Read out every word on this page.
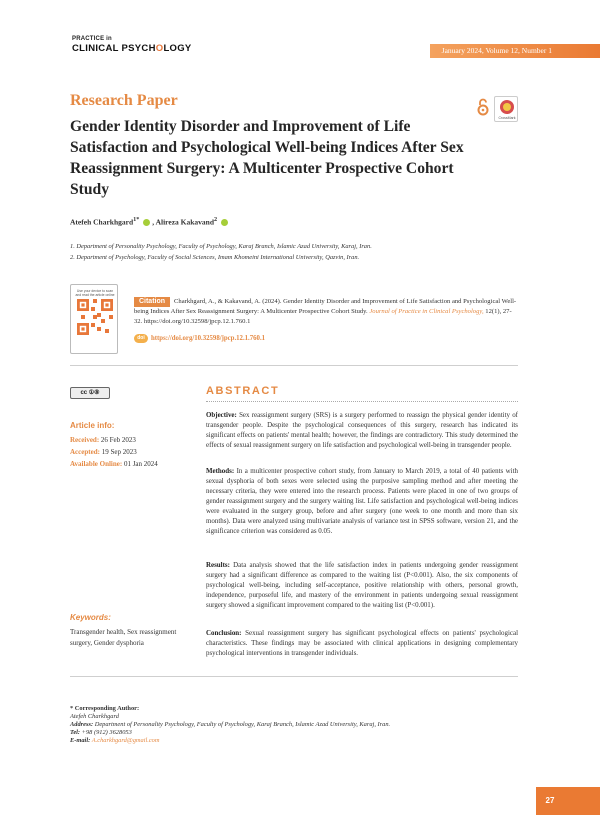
PRACTICE in
CLINICAL PSYCHOLOGY	January 2024, Volume 12, Number 1
Research Paper
Gender Identity Disorder and Improvement of Life Satisfaction and Psychological Well-being Indices After Sex Reassignment Surgery: A Multicenter Prospective Cohort Study
CrossMark
Atefeh Charkhgard$^{1*}$ , Alireza Kakavand$^2$
1. Department of Personality Psychology, Faculty of Psychology, Karaj Branch, Islamic Azad University, Karaj, Iran.
2. Department of Psychology, Faculty of Social Sciences, Imam Khomeini International University, Qazvin, Iran.
Use your device to scan and read the article online
Charkhgard, A., & Kakavand, A. (2024). Gender Identity Disorder and Improvement of Life Satisfaction and Psychological Well-being Indices After Sex Reassignment Surgery: A Multicenter Prospective Cohort Study. Journal of Practice in Clinical Psychology, 12(1), 27-32. https://doi.org/10.32598/jpcp.12.1.760.1
Citation
doi https://doi.org/10.32598/jpcp.12.1.760.1
cc ①⑧	ABSTRACT
Article info:
Received: 26 Feb 2023
Accepted: 19 Sep 2023
Available Online: 01 Jan 2024
Objective: Sex reassignment surgery (SRS) is a surgery performed to reassign the physical gender identity of transgender people. Despite the psychological consequences of this surgery, research has indicated its significant effects on patients' mental health; however, the findings are contradictory. This study determined the effects of sexual reassignment surgery on life satisfaction and psychological well-being in transgender people.
Methods: In a multicenter prospective cohort study, from January to March 2019, a total of 40 patients with sexual dysphoria of both sexes were selected using the purposive sampling method and after meeting the necessary criteria, they were entered into the research process. Patients were placed in one of two groups of gender reassignment surgery and the surgery waiting list. Life satisfaction and psychological well-being indices were evaluated in the surgery group, before and after surgery (one week to one month and more than six months). Data were analyzed using multivariate analysis of variance test in SPSS software, version 21, and the significance criterion was considered as 0.05.
Results: Data analysis showed that the life satisfaction index in patients undergoing gender reassignment surgery had a significant difference as compared to the waiting list (P<0.001). Also, the six components of psychological well-being, including self-acceptance, positive relationship with others, personal growth, independence, purposeful life, and mastery of the environment in patients undergoing sexual reassignment surgery showed a significant improvement compared to the waiting list (P<0.001).
Conclusion: Sexual reassignment surgery has significant psychological effects on patients' psychological characteristics. These findings may be associated with clinical applications in designing complementary psychological interventions in transgender individuals.
Keywords:
Transgender health, Sex reassignment surgery, Gender dysphoria
* Corresponding Author:
Atefeh Charkhgard
Address: Department of Personality Psychology, Faculty of Psychology, Karaj Branch, Islamic Azad University, Karaj, Iran.
Tel: +98 (912) 3628053
E-mail: A.charkhgard@gmail.com
27
